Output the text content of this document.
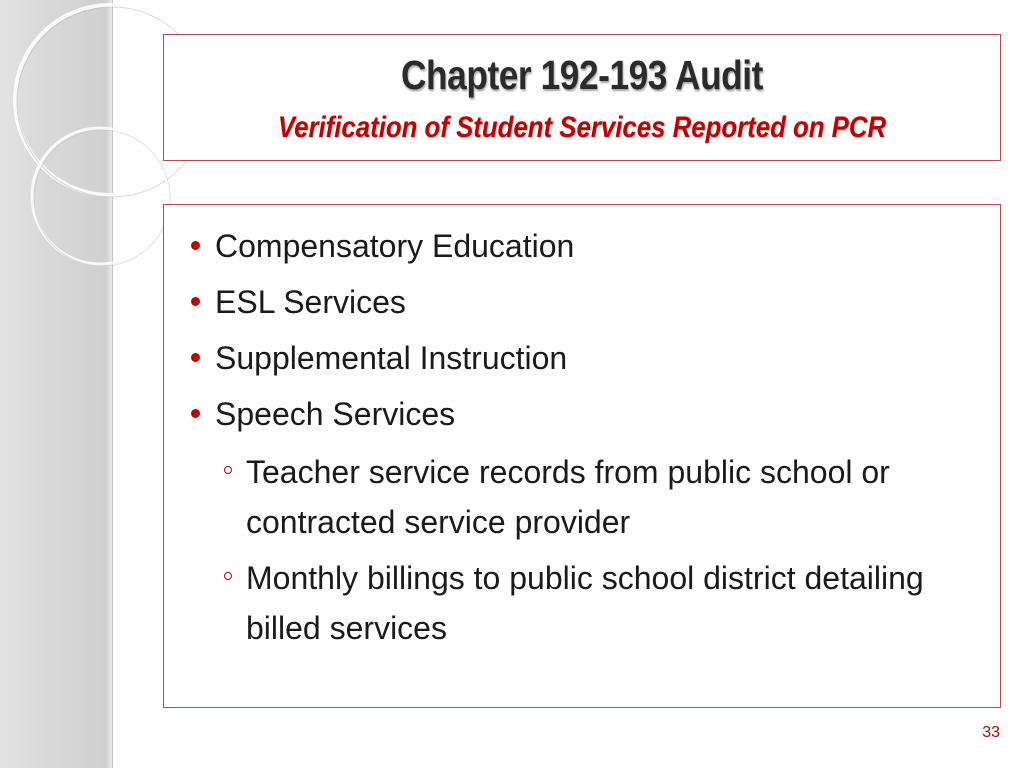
Chapter 192-193 Audit
Verification of Student Services Reported on PCR
Compensatory Education
ESL Services
Supplemental Instruction
Speech Services
Teacher service records from public school or contracted service provider
Monthly billings to public school district detailing billed services
33
